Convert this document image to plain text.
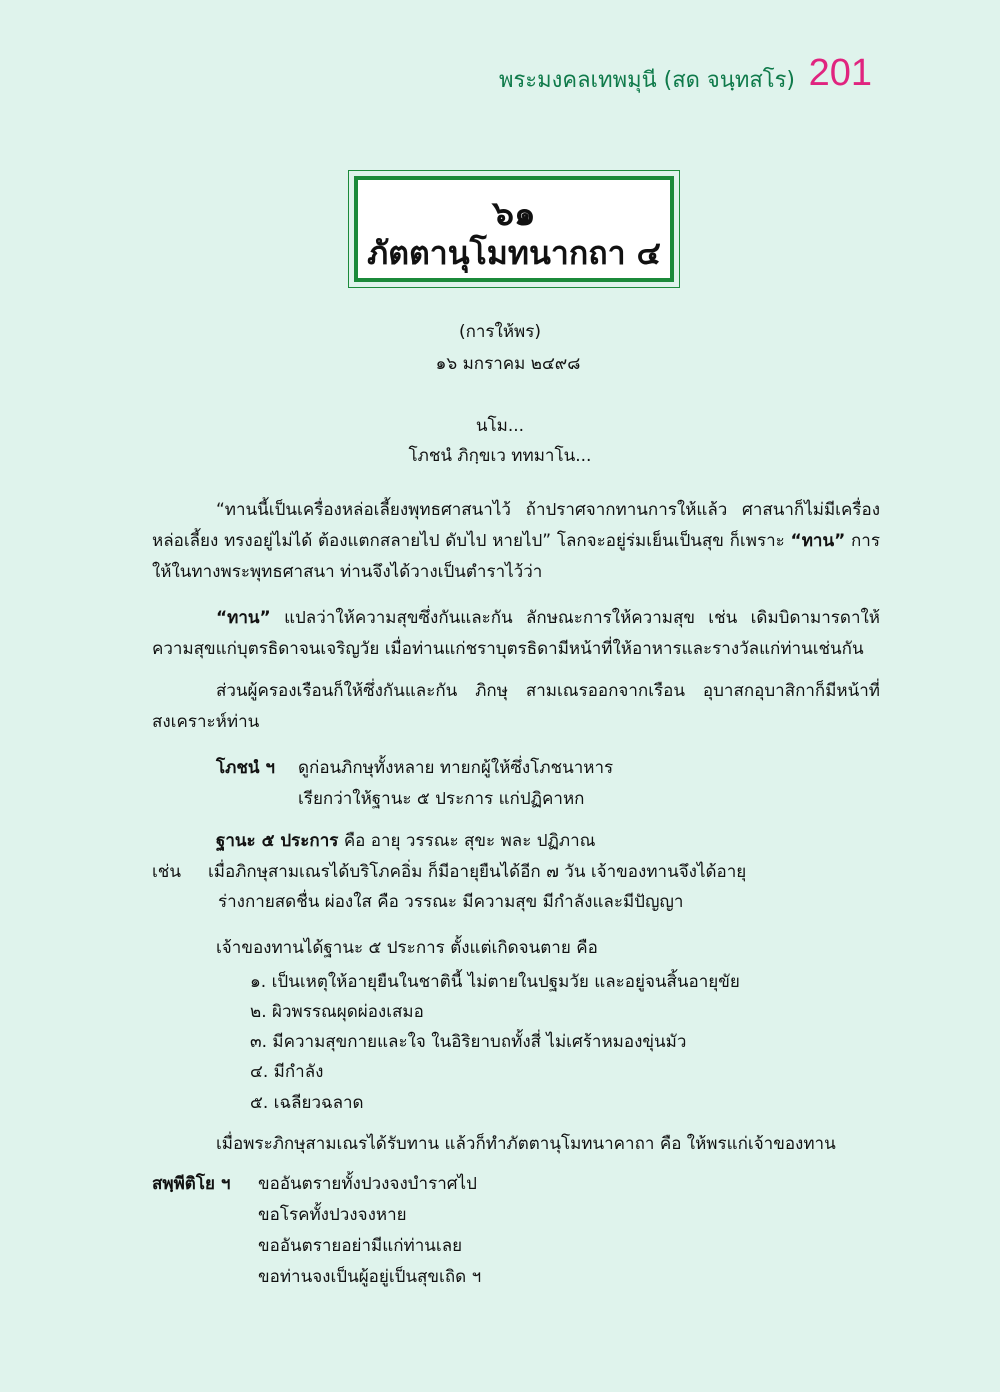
พระมงคลเทพมุนี (สด จนฺทสโร) 201
๖๑
ภัตตานุโมทนากถา ๔
(การให้พร)
๑๖ มกราคม ๒๔๙๘
นโม...
โภชนํ ภิกฺขเว ททมาโน...
“ทานนี้เป็นเครื่องหล่อเลี้ยงพุทธศาสนาไว้ ถ้าปราศจากทานการให้แล้ว ศาสนาก็ไม่มีเครื่องหล่อเลี้ยง ทรงอยู่ไม่ได้ ต้องแตกสลายไป ดับไป หายไป” โลกจะอยู่ร่มเย็นเป็นสุข ก็เพราะ “ทาน” การให้ในทางพระพุทธศาสนา ท่านจึงได้วางเป็นตำราไว้ว่า
“ทาน” แปลว่าให้ความสุขซึ่งกันและกัน ลักษณะการให้ความสุข เช่น เดิมบิดามารดาให้ความสุขแก่บุตรธิดาจนเจริญวัย เมื่อท่านแก่ชราบุตรธิดามีหน้าที่ให้อาหารและรางวัลแก่ท่านเช่นกัน
ส่วนผู้ครองเรือนก็ให้ซึ่งกันและกัน ภิกษุ สามเณรออกจากเรือน อุบาสกอุบาสิกาก็มีหน้าที่สงเคราะห์ท่าน
โภชนํ ฯ ดูก่อนภิกษุทั้งหลาย ทายกผู้ให้ซึ่งโภชนาหาร
เรียกว่าให้ฐานะ ๕ ประการ แก่ปฏิคาหก
ฐานะ ๕ ประการ คือ อายุ วรรณะ สุขะ พละ ปฏิภาณ
เช่น เมื่อภิกษุสามเณรได้บริโภคอิ่ม ก็มีอายุยืนได้อีก ๗ วัน เจ้าของทานจึงได้อายุ
ร่างกายสดชื่น ผ่องใส คือ วรรณะ มีความสุข มีกำลังและมีปัญญา
เจ้าของทานได้ฐานะ ๕ ประการ ตั้งแต่เกิดจนตาย คือ
๑. เป็นเหตุให้อายุยืนในชาตินี้ ไม่ตายในปฐมวัย และอยู่จนสิ้นอายุขัย
๒. ผิวพรรณผุดผ่องเสมอ
๓. มีความสุขกายและใจ ในอิริยาบถทั้งสี่ ไม่เศร้าหมองขุ่นมัว
๔. มีกำลัง
๕. เฉลียวฉลาด
เมื่อพระภิกษุสามเณรได้รับทาน แล้วก็ทำภัตตานุโมทนาคาถา คือ ให้พรแก่เจ้าของทาน
สพฺพีติโย ฯ ขออันตรายทั้งปวงจงบำราศไป
ขอโรคทั้งปวงจงหาย
ขออันตรายอย่ามีแก่ท่านเลย
ขอท่านจงเป็นผู้อยู่เป็นสุขเถิด ฯ
